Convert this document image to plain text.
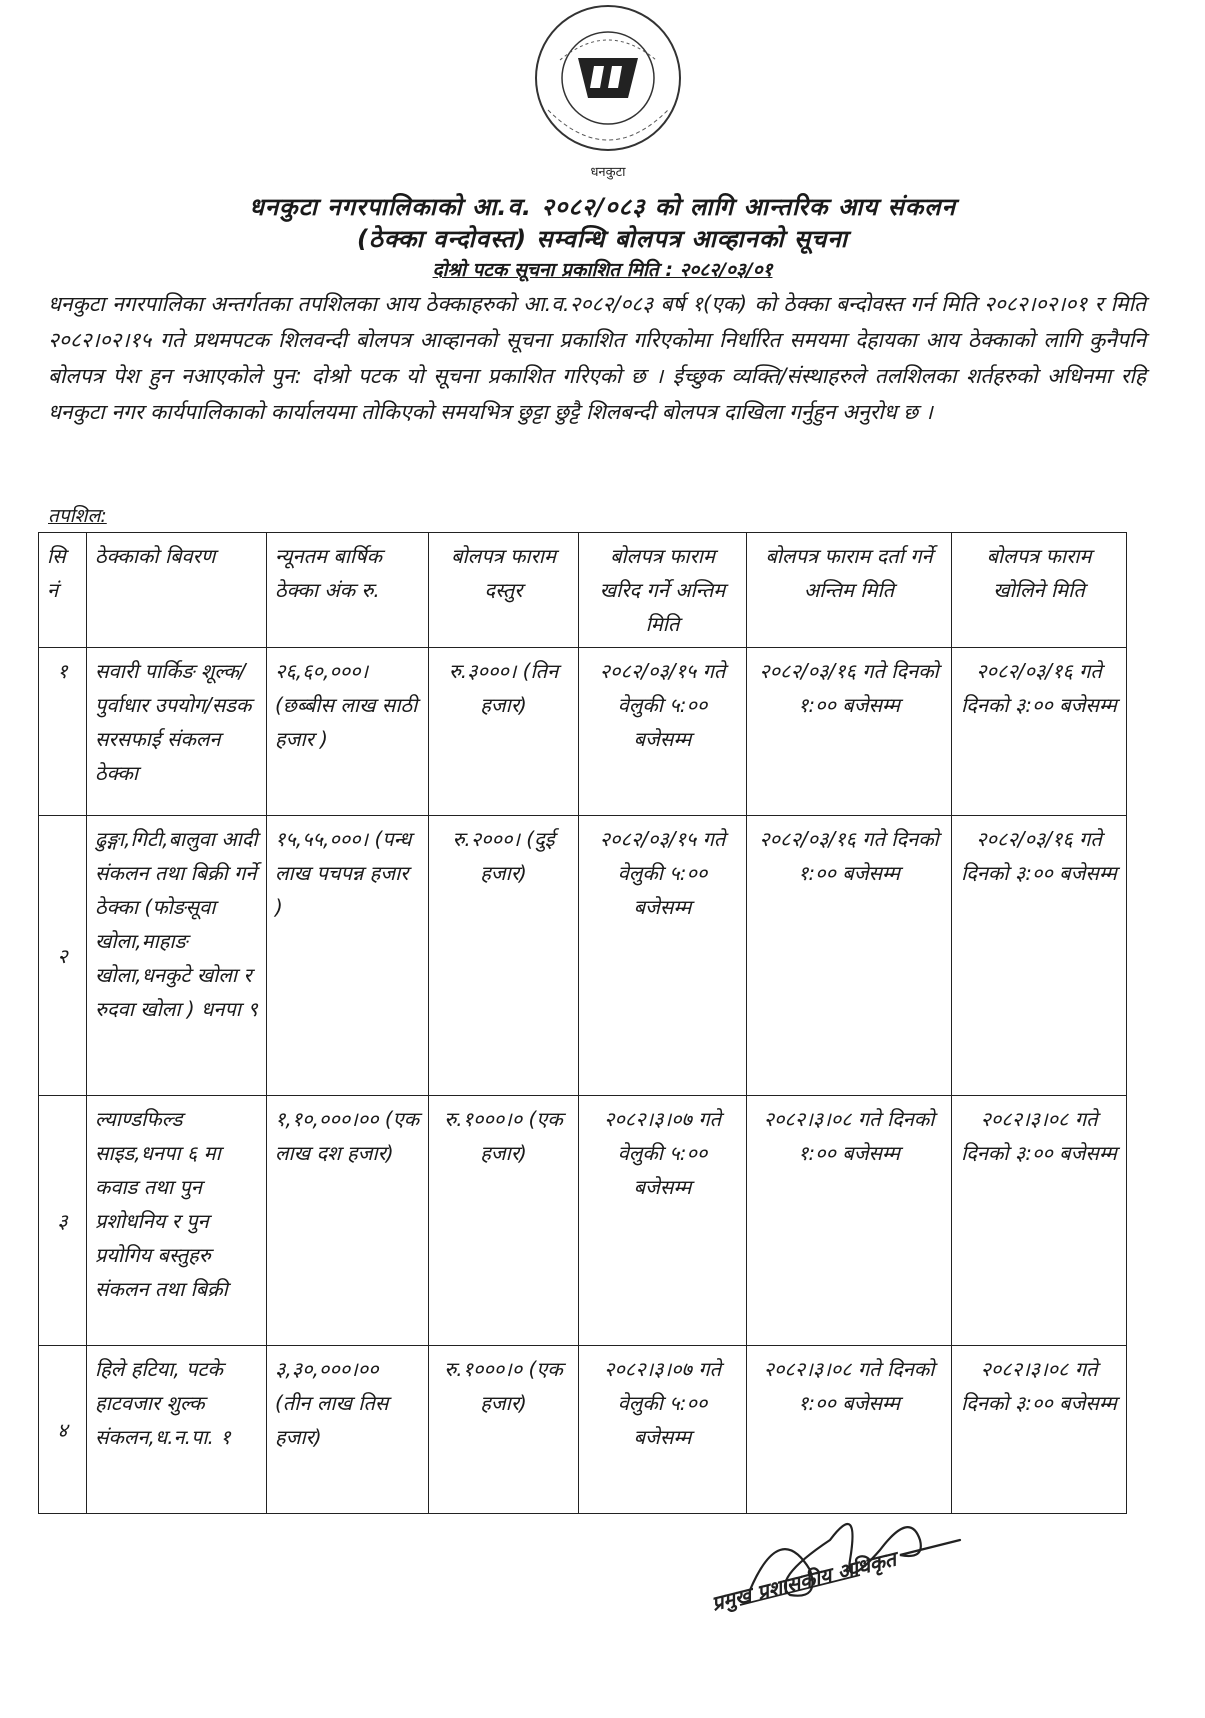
धनकुटा
धनकुटा नगरपालिकाको आ.व. २०८२/०८३ को लागि आन्तरिक आय संकलन
(ठेक्का वन्दोवस्त) सम्वन्धि बोलपत्र आव्हानको सूचना
दोश्रो पटक सूचना प्रकाशित मिति : २०८२/०३/०१
धनकुटा नगरपालिका अन्तर्गतका तपशिलका आय ठेक्काहरुको आ.व.२०८२/०८३ बर्ष १(एक) को ठेक्का बन्दोवस्त गर्न मिति २०८२।०२।०१ र मिति २०८२।०२।१५ गते प्रथमपटक शिलवन्दी बोलपत्र आव्हानको सूचना प्रकाशित गरिएकोमा निर्धारित समयमा देहायका आय ठेक्काको लागि कुनैपनि बोलपत्र पेश हुन नआएकोले पुन: दोश्रो पटक यो सूचना प्रकाशित गरिएको छ । ईच्छुक व्यक्ति/संस्थाहरुले तलशिलका शर्तहरुको अधिनमा रहि धनकुटा नगर कार्यपालिकाको कार्यालयमा तोकिएको समयभित्र छुट्टा छुट्टै शिलबन्दी बोलपत्र दाखिला गर्नुहुन अनुरोध छ ।
तपशिल:
सि नं	ठेक्काको बिवरण	न्यूनतम बार्षिक ठेक्का अंक रु.	बोलपत्र फाराम दस्तुर	बोलपत्र फाराम खरिद गर्ने अन्तिम मिति	बोलपत्र फाराम दर्ता गर्ने अन्तिम मिति	बोलपत्र फाराम खोलिने मिति
१	सवारी पार्किङ शूल्क/पुर्वाधार उपयोग/सडक सरसफाई संकलन ठेक्का	२६,६०,०००। (छब्बीस लाख साठी हजार )	रु.३०००। (तिन हजार)	२०८२/०३/१५ गते वेलुकी ५:०० बजेसम्म	२०८२/०३/१६ गते दिनको १:०० बजेसम्म	२०८२/०३/१६ गते दिनको ३:०० बजेसम्म
२	ढुङ्गा,गिटी,बालुवा आदी संकलन तथा बिक्री गर्ने ठेक्का (फोङसूवा खोला,माहाङ खोला,धनकुटे खोला र रुदवा खोला ) धनपा ९	१५,५५,०००। (पन्ध लाख पचपन्न हजार )	रु.२०००। (दुई हजार)	२०८२/०३/१५ गते वेलुकी ५:०० बजेसम्म	२०८२/०३/१६ गते दिनको १:०० बजेसम्म	२०८२/०३/१६ गते दिनको ३:०० बजेसम्म
३	ल्याण्डफिल्ड साइड,धनपा ६ मा कवाड तथा पुन प्रशोधनिय र पुन प्रयोगिय बस्तुहरु संकलन तथा बिक्री	१,१०,०००।०० (एक लाख दश हजार)	रु.१०००।० (एक हजार)	२०८२।३।०७ गते वेलुकी ५:०० बजेसम्म	२०८२।३।०८ गते दिनको १:०० बजेसम्म	२०८२।३।०८ गते दिनको ३:०० बजेसम्म
४	हिले हटिया, पटके हाटवजार शुल्क संकलन,ध.न.पा. १	३,३०,०००।०० (तीन लाख तिस हजार)	रु.१०००।० (एक हजार)	२०८२।३।०७ गते वेलुकी ५:०० बजेसम्म	२०८२।३।०८ गते दिनको १:०० बजेसम्म	२०८२।३।०८ गते दिनको ३:०० बजेसम्म
प्रमुख प्रशासकीय अधिकृत
